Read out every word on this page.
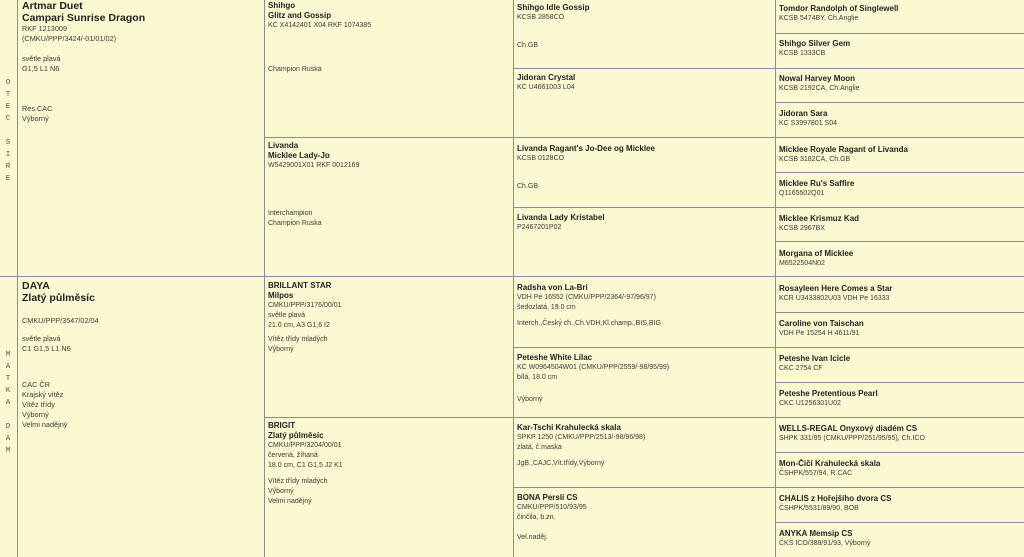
O
T
E
C
S
I
R
E
M
A
T
K
A
D
A
M
Artmar Duet
Campari Sunrise Dragon
RKF 1213009
(CMKU/PPP/3424/-01/01/02)
světle plavá
G1,5 L1 N6
Res.CAC
Výborný
DAYA
Zlatý půlměsíc
CMKU/PPP/3547/02/04
světle plavá
C1 G1,5 L1 N6
CAC ČR
Krajský vítěz
Vítěz třídy
Výborný
Velmi nadějný
Shihgo
Glitz and Gossip
KC X4142401 X04 RKF 1074385
Champion Ruska
Livanda
Micklee Lady-Jo
W5429001X01 RKF 0012169
Interchampion
Champion Ruska
BRILLANT STAR
Milpos
CMKU/PPP/3176/00/01
světle plavá
21.0 cm, A3 G1,6 I2
Vítěz třídy mladých
Výborný
BRIGIT
Zlatý půlměsíc
CMKU/PPP/3204/00/01
červená, žíhaná
18.0 cm, C1 G1,5 J2 K1
Vítěz třídy mladých
Výborný
Velmi nadějný
Shihgo Idle Gossip
KCSB 2858CO
Ch.GB
Jidoran Crystal
KC U4661003 L04
Livanda Ragant's Jo-Dee og Micklee
KCSB 0128CO
Ch.GB
Livanda Lady Kristabel
P2467201P02
Radsha von La-Bri
VDH Pe 16552 (CMKU/PPP/2364/-97/96/97)
šedozlatá, 19.0 cm
Interch.,Český ch.,Ch.VDH,Kl.champ.,BIS,BIG
Peteshe White Lilac
KC W0964504W01 (CMKU/PPP/2559/-98/95/99)
bílá, 18.0 cm
Výborný
Kar-Tschi Krahulecká skala
SPKP 1250 (CMKU/PPP/2513/-98/96/98)
zlatá, č.maska
JgB.,CAJC,Vít.třídy,Výborný
BONA Perslí CS
CMKU/PPP/510/93/95
činčila, b.zn.
Vel.naděj.
Tomdor Randolph of Singlewell
KCSB 5474BY, Ch.Anglie
Shihgo Silver Gem
KCSB 1333CB
Nowal Harvey Moon
KCSB 2192CA, Ch.Anglie
Jidoran Sara
KC S3997801 S04
Micklee Royale Ragant of Livanda
KCSB 3182CA, Ch.GB
Micklee Ru's Saffire
Q1165502Q01
Micklee Krismuz Kad
KCSB 2967BX
Morgana of Micklee
M6522504N02
Rosayleen Here Comes a Star
KCR U3433802U03 VDH Pe 16333
Caroline von Taischan
VDH Pe 15254 H 4611/91
Peteshe Ivan Icicle
CKC 2754 CF
Peteshe Pretentious Pearl
CKC U1256301U02
WELLS-REGAL Onyxový diadém CS
SHPK 331/95 (CMKU/PPP/251/95/95), Ch.ICO
Mon-Čičí Krahulecká skala
ČSHPK/557/94, R.CAC
CHALIS z Hořejšího dvora CS
ČSHPK/5531/89/90, BOB
ANYKA Memsip CS
ČKS ICO/388/91/93, Výborný
